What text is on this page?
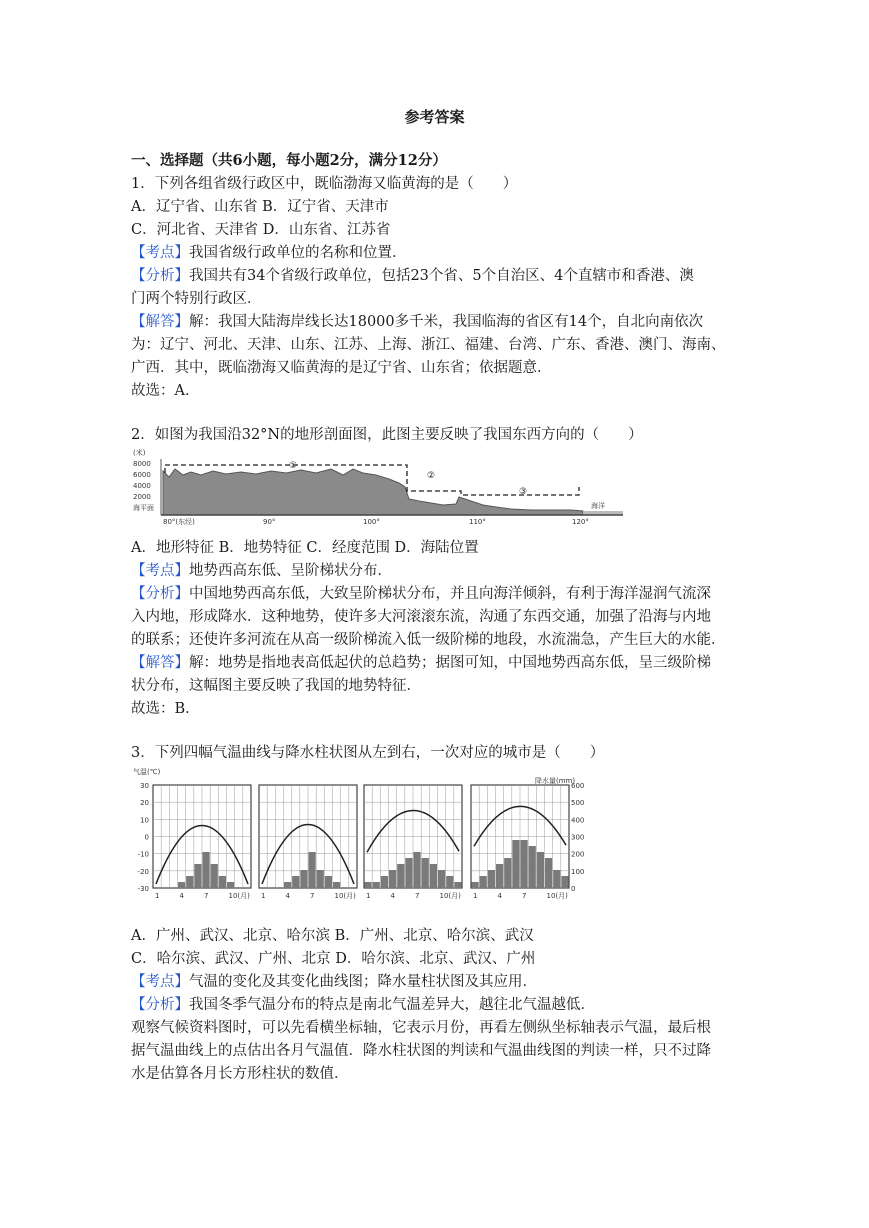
参考答案
一、选择题（共6小题，每小题2分，满分12分）
1．下列各组省级行政区中，既临渤海又临黄海的是（　　）
A．辽宁省、山东省 B．辽宁省、天津市
C．河北省、天津省 D．山东省、江苏省
【考点】我国省级行政单位的名称和位置．
【分析】我国共有34个省级行政单位，包括23个省、5个自治区、4个直辖市和香港、澳
门两个特别行政区．
【解答】解：我国大陆海岸线长达18000多千米，我国临海的省区有14个，自北向南依次
为：辽宁、河北、天津、山东、江苏、上海、浙江、福建、台湾、广东、香港、澳门、海南、
广西．其中，既临渤海又临黄海的是辽宁省、山东省；依据题意．
故选：A．
2．如图为我国沿32°N的地形剖面图，此图主要反映了我国东西方向的（　　）
(米)
8000
6000
4000
2000
海平面
①
②
③
海洋
80°(东经)	90°	100°	110°	120°
A．地形特征 B．地势特征 C．经度范围 D．海陆位置
【考点】地势西高东低、呈阶梯状分布．
【分析】中国地势西高东低，大致呈阶梯状分布，并且向海洋倾斜，有利于海洋湿润气流深
入内地，形成降水．这种地势，使许多大河滚滚东流，沟通了东西交通，加强了沿海与内地
的联系；还使许多河流在从高一级阶梯流入低一级阶梯的地段，水流湍急，产生巨大的水能．
【解答】解：地势是指地表高低起伏的总趋势；据图可知，中国地势西高东低，呈三级阶梯
状分布，这幅图主要反映了我国的地势特征．
故选：B．
3．下列四幅气温曲线与降水柱状图从左到右，一次对应的城市是（　　）
气温(℃)
降水量(mm)
30
20
10
0
-10
-20
-30
600
500
400
300
200
100
0
1	4	7	10(月) 1	4	7	10(月) 1	4	7	10(月) 1	4	7	10(月)
A．广州、武汉、北京、哈尔滨 B．广州、北京、哈尔滨、武汉
C．哈尔滨、武汉、广州、北京 D．哈尔滨、北京、武汉、广州
【考点】气温的变化及其变化曲线图；降水量柱状图及其应用．
【分析】我国冬季气温分布的特点是南北气温差异大，越往北气温越低．
观察气候资料图时，可以先看横坐标轴，它表示月份，再看左侧纵坐标轴表示气温，最后根
据气温曲线上的点估出各月气温值．降水柱状图的判读和气温曲线图的判读一样，只不过降
水是估算各月长方形柱状的数值．
